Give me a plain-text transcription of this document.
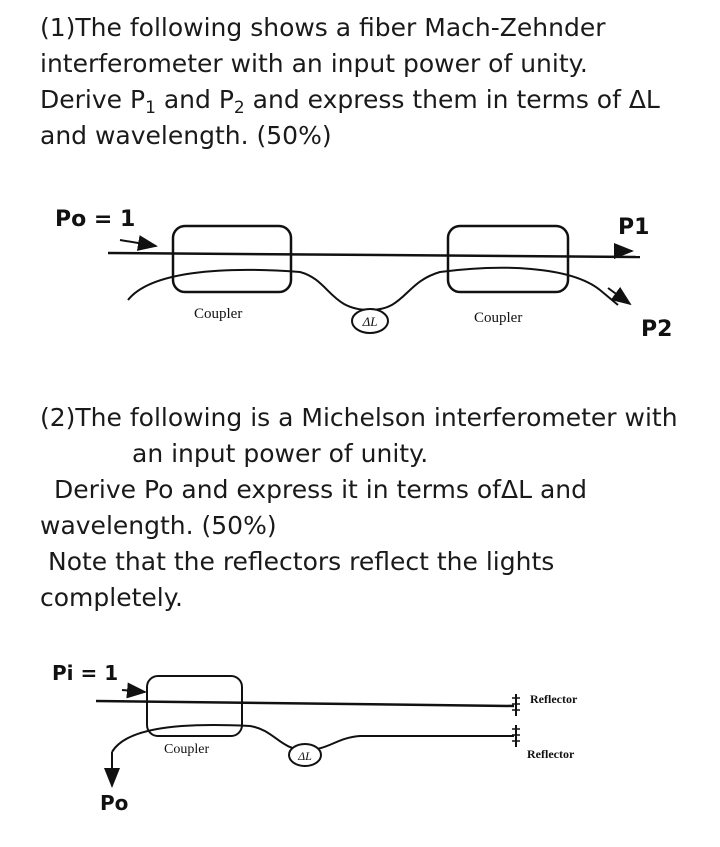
(1)The following shows a fiber Mach-Zehnder
interferometer with an input power of unity.
Derive $P_1$ and $P_2$ and express them in terms of ΔL
and wavelength. (50%)
Po = 1
Coupler	Coupler
ΔL
P1
P2
(2)The following is a Michelson interferometer with
an input power of unity.
Derive Po and express it in terms ofΔL and
wavelength. (50%)
Note that the reflectors reflect the lights
completely.
Pi = 1
Po
Coupler	ΔL
Reflector
Reflector
